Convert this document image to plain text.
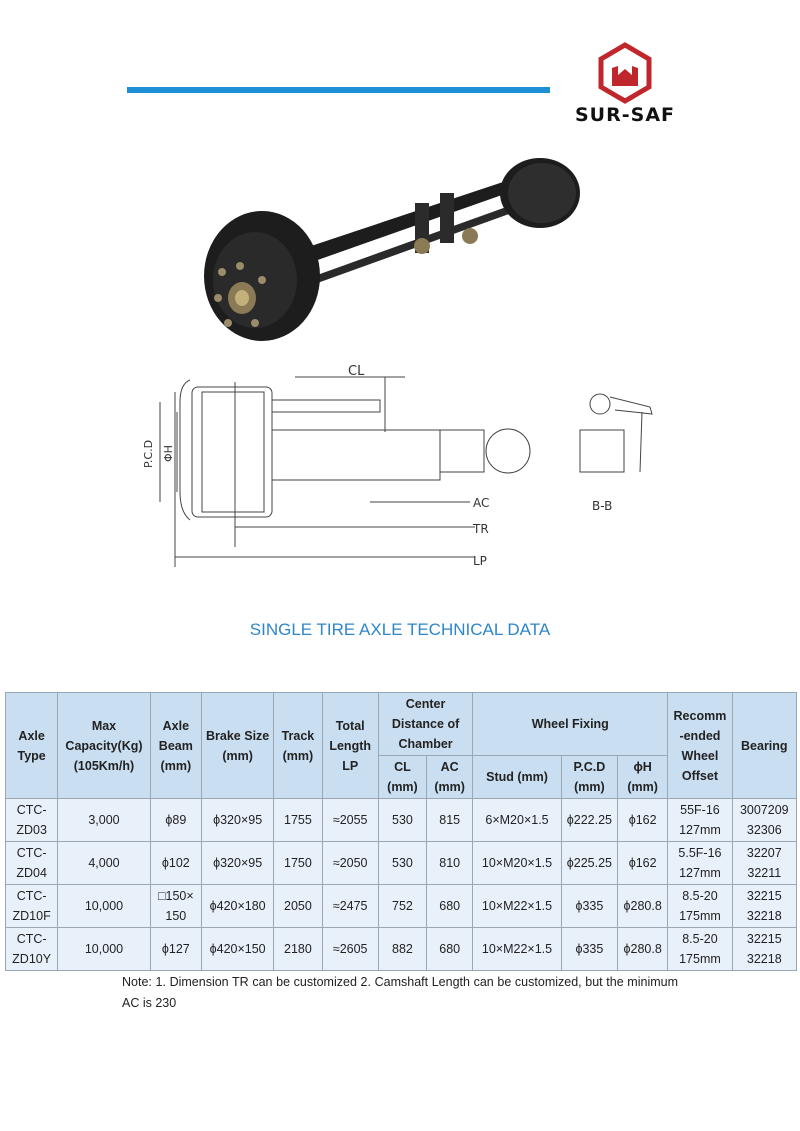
SUR-SAF
CL
P.C.D ΦH
AC
TR
LP
B-B
SINGLE TIRE AXLE TECHNICAL DATA
Axle Type	Max Capacity(Kg) (105Km/h)	Axle Beam (mm)	Brake Size (mm)	Track (mm)	Total Length LP	Center Distance of Chamber		Wheel Fixing			Recomm -ended Wheel Offset	Bearing
						CL (mm)	AC (mm)	Stud (mm)	P.C.D (mm)	ϕH (mm)		
CTC-ZD03	3,000	ϕ89	ϕ320×95	1755	≈2055	530	815	6×M20×1.5	ϕ222.25	ϕ162	55F-16 127mm	3007209 32306
CTC-ZD04	4,000	ϕ102	ϕ320×95	1750	≈2050	530	810	10×M20×1.5	ϕ225.25	ϕ162	5.5F-16 127mm	32207 32211
CTC-ZD10F	10,000	□150× 150	ϕ420×180	2050	≈2475	752	680	10×M22×1.5	ϕ335	ϕ280.8	8.5-20 175mm	32215 32218
CTC-ZD10Y	10,000	ϕ127	ϕ420×150	2180	≈2605	882	680	10×M22×1.5	ϕ335	ϕ280.8	8.5-20 175mm	32215 32218
Note: 1. Dimension TR can be customized 2. Camshaft Length can be customized, but the minimum AC is 230
